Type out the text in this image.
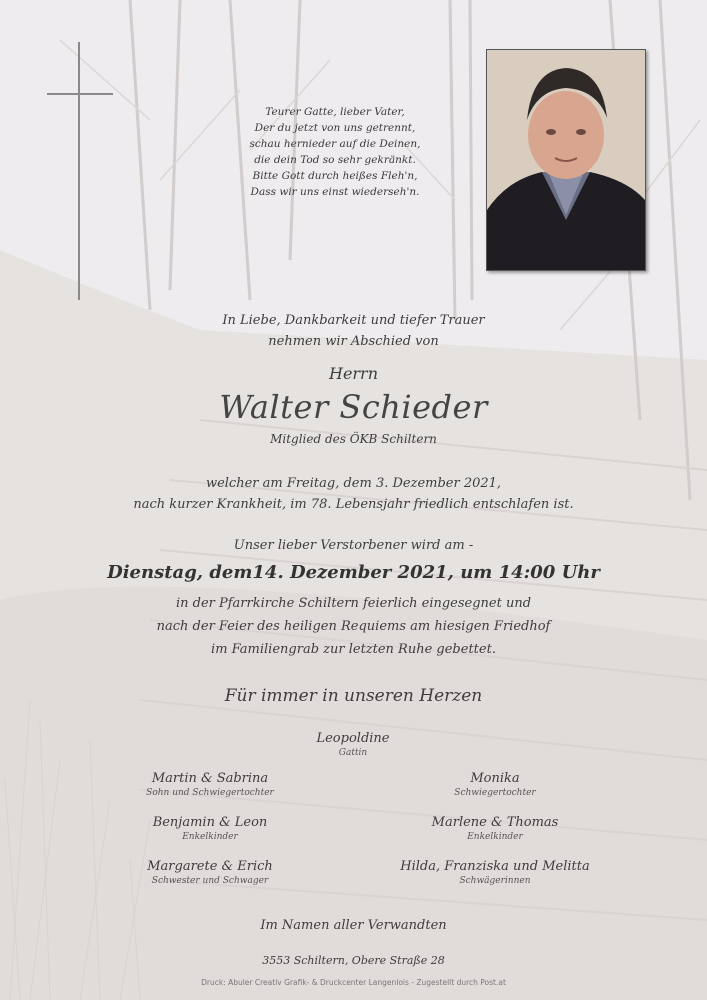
Teurer Gatte, lieber Vater,
Der du jetzt von uns getrennt,
schau hernieder auf die Deinen,
die dein Tod so sehr gekränkt.
Bitte Gott durch heißes Fleh'n,
Dass wir uns einst wiederseh'n.
In Liebe, Dankbarkeit und tiefer Trauer
nehmen wir Abschied von
Herrn
Walter Schieder
Mitglied des ÖKB Schiltern
welcher am Freitag, dem 3. Dezember 2021,
nach kurzer Krankheit, im 78. Lebensjahr friedlich entschlafen ist.
Unser lieber Verstorbener wird am -
Dienstag, dem14. Dezember 2021, um 14:00 Uhr
in der Pfarrkirche Schiltern feierlich eingesegnet und
nach der Feier des heiligen Requiems am hiesigen Friedhof
im Familiengrab zur letzten Ruhe gebettet.
Für immer in unseren Herzen
Leopoldine
Gattin
Martin & Sabrina
Sohn und Schwiegertochter
Monika
Schwiegertochter
Benjamin & Leon
Enkelkinder
Marlene & Thomas
Enkelkinder
Margarete & Erich
Schwester und Schwager
Hilda, Franziska und Melitta
Schwägerinnen
Im Namen aller Verwandten
3553 Schiltern, Obere Straße 28
Druck: Abuler Creativ Grafik- & Druckcenter Langenlois - Zugestellt durch Post.at
